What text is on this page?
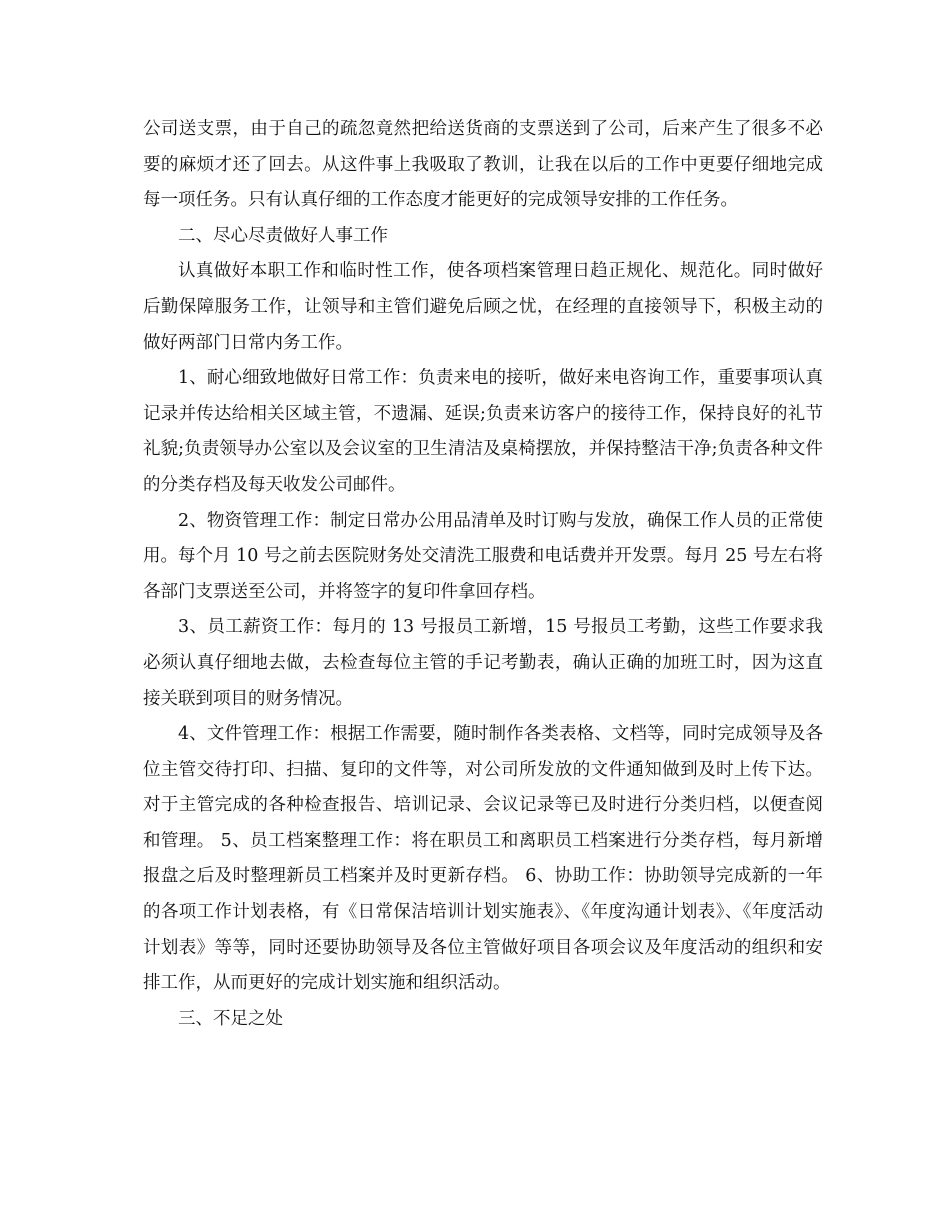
公司送支票，由于自己的疏忽竟然把给送货商的支票送到了公司，后来产生了很多不必要的麻烦才还了回去。从这件事上我吸取了教训，让我在以后的工作中更要仔细地完成每一项任务。只有认真仔细的工作态度才能更好的完成领导安排的工作任务。

二、尽心尽责做好人事工作

认真做好本职工作和临时性工作，使各项档案管理日趋正规化、规范化。同时做好后勤保障服务工作，让领导和主管们避免后顾之忧，在经理的直接领导下，积极主动的做好两部门日常内务工作。

1、耐心细致地做好日常工作：负责来电的接听，做好来电咨询工作，重要事项认真记录并传达给相关区域主管，不遗漏、延误;负责来访客户的接待工作，保持良好的礼节礼貌;负责领导办公室以及会议室的卫生清洁及桌椅摆放，并保持整洁干净;负责各种文件的分类存档及每天收发公司邮件。

2、物资管理工作：制定日常办公用品清单及时订购与发放，确保工作人员的正常使用。每个月 10 号之前去医院财务处交清洗工服费和电话费并开发票。每月 25 号左右将各部门支票送至公司，并将签字的复印件拿回存档。

3、员工薪资工作：每月的 13 号报员工新增，15 号报员工考勤，这些工作要求我必须认真仔细地去做，去检查每位主管的手记考勤表，确认正确的加班工时，因为这直接关联到项目的财务情况。

4、文件管理工作：根据工作需要，随时制作各类表格、文档等，同时完成领导及各位主管交待打印、扫描、复印的文件等，对公司所发放的文件通知做到及时上传下达。对于主管完成的各种检查报告、培训记录、会议记录等已及时进行分类归档，以便查阅和管理。 5、员工档案整理工作：将在职员工和离职员工档案进行分类存档，每月新增报盘之后及时整理新员工档案并及时更新存档。 6、协助工作：协助领导完成新的一年的各项工作计划表格，有《日常保洁培训计划实施表》、《年度沟通计划表》、《年度活动计划表》等等，同时还要协助领导及各位主管做好项目各项会议及年度活动的组织和安排工作，从而更好的完成计划实施和组织活动。

三、不足之处
